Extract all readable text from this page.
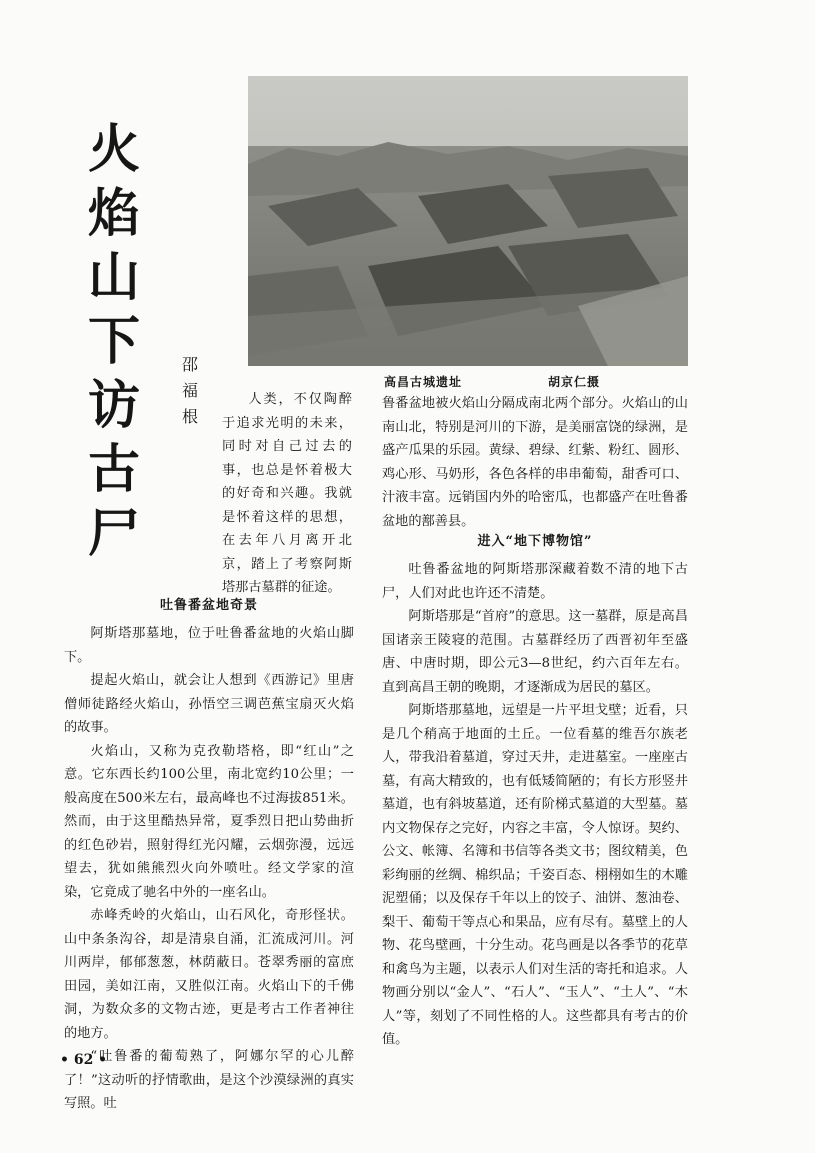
火
焰
山
下
访
古
尸
邵
福
根
高昌古城遗址	胡京仁摄

人类，不仅陶醉于追求光明的未来，同时对自己过去的事，也总是怀着极大的好奇和兴趣。我就是怀着这样的思想，在去年八月离开北京，踏上了考察阿斯塔那古墓群的征途。

吐鲁番盆地奇景

阿斯塔那墓地，位于吐鲁番盆地的火焰山脚下。

提起火焰山，就会让人想到《西游记》里唐僧师徒路经火焰山，孙悟空三调芭蕉宝扇灭火焰的故事。

火焰山，又称为克孜勒塔格，即“红山”之意。它东西长约100公里，南北宽约10公里；一般高度在500米左右，最高峰也不过海拔851米。然而，由于这里酷热异常，夏季烈日把山势曲折的红色砂岩，照射得红光闪耀，云烟弥漫，远远望去，犹如熊熊烈火向外喷吐。经文学家的渲染，它竟成了驰名中外的一座名山。

赤峰秃岭的火焰山，山石风化，奇形怪状。山中条条沟谷，却是清泉自涌，汇流成河川。河川两岸，郁郁葱葱，林荫蔽日。苍翠秀丽的富庶田园，美如江南，又胜似江南。火焰山下的千佛洞，为数众多的文物古迹，更是考古工作者神往的地方。

“吐鲁番的葡萄熟了，阿娜尔罕的心儿醉了！”这动听的抒情歌曲，是这个沙漠绿洲的真实写照。吐

鲁番盆地被火焰山分隔成南北两个部分。火焰山的山南山北，特别是河川的下游，是美丽富饶的绿洲，是盛产瓜果的乐园。黄绿、碧绿、红紫、粉红、圆形、鸡心形、马奶形，各色各样的串串葡萄，甜香可口、汁液丰富。远销国内外的哈密瓜，也都盛产在吐鲁番盆地的鄯善县。

进入“地下博物馆”

吐鲁番盆地的阿斯塔那深藏着数不清的地下古尸，人们对此也许还不清楚。

阿斯塔那是“首府”的意思。这一墓群，原是高昌国诸亲王陵寝的范围。古墓群经历了西晋初年至盛唐、中唐时期，即公元3—8世纪，约六百年左右。直到高昌王朝的晚期，才逐渐成为居民的墓区。

阿斯塔那墓地，远望是一片平坦戈壁；近看，只是几个稍高于地面的土丘。一位看墓的维吾尔族老人，带我沿着墓道，穿过天井，走进墓室。一座座古墓，有高大精致的，也有低矮简陋的；有长方形竖井墓道，也有斜坡墓道，还有阶梯式墓道的大型墓。墓内文物保存之完好，内容之丰富，令人惊讶。契约、公文、帐簿、名簿和书信等各类文书；图纹精美，色彩绚丽的丝绸、棉织品；千姿百态、栩栩如生的木雕泥塑俑；以及保存千年以上的饺子、油饼、葱油卷、梨干、葡萄干等点心和果品，应有尽有。墓壁上的人物、花鸟壁画，十分生动。花鸟画是以各季节的花草和禽鸟为主题，以表示人们对生活的寄托和追求。人物画分别以“金人”、“石人”、“玉人”、“土人”、“木人”等，刻划了不同性格的人。这些都具有考古的价值。

• 62 •
